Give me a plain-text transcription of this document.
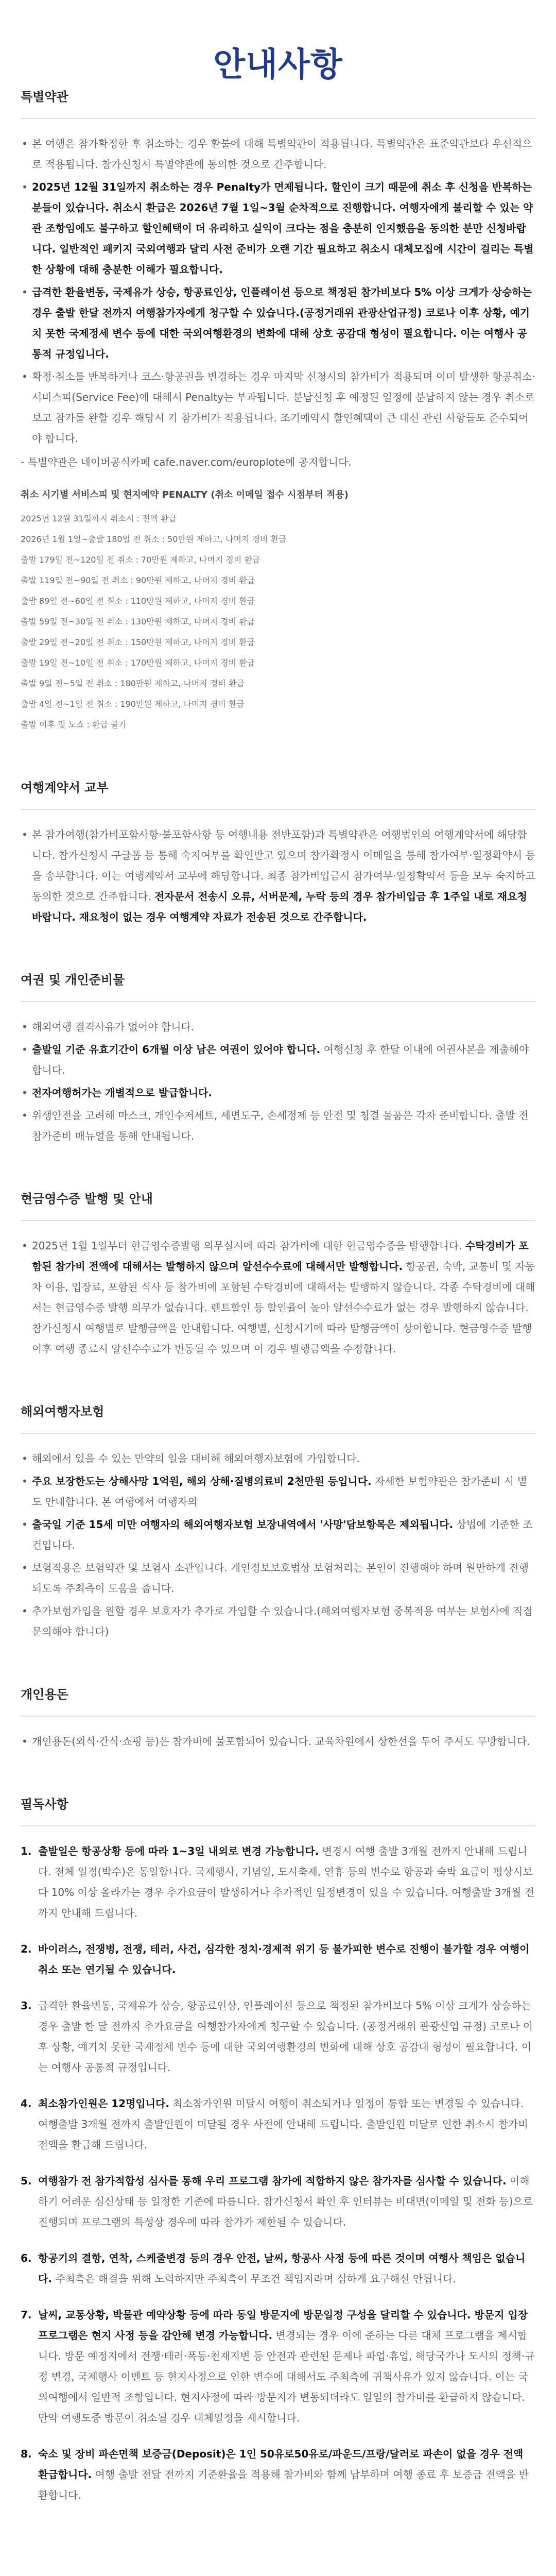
안내사항
특별약관
• 본 여행은 참가확정한 후 취소하는 경우 환불에 대해 특별약관이 적용됩니다. 특별약관은 표준약관보다 우선적으로 적용됩니다. 참가신청시 특별약관에 동의한 것으로 간주합니다.
• 2025년 12월 31일까지 취소하는 경우 Penalty가 면제됩니다. 할인이 크기 때문에 취소 후 신청을 반복하는 분들이 있습니다. 취소시 환급은 2026년 7월 1일~3월 순차적으로 진행합니다. 여행자에게 불리할 수 있는 약관 조항임에도 불구하고 할인혜택이 더 유리하고 실익이 크다는 점을 충분히 인지했음을 동의한 분만 신청바랍니다. 일반적인 패키지 국외여행과 달리 사전 준비가 오랜 기간 필요하고 취소시 대체모집에 시간이 걸리는 특별한 상황에 대해 충분한 이해가 필요합니다.
• 급격한 환율변동, 국제유가 상승, 항공료인상, 인플레이션 등으로 책정된 참가비보다 5% 이상 크게가 상승하는 경우 출발 한달 전까지 여행참가자에게 청구할 수 있습니다.(공정거래위 관광산업규정) 코로나 이후 상황, 예기치 못한 국제정세 변수 등에 대한 국외여행환경의 변화에 대해 상호 공감대 형성이 필요합니다. 이는 여행사 공통적 규정입니다.
• 확정·취소를 반복하거나 코스·항공권을 변경하는 경우 마지막 신청시의 참가비가 적용되며 이미 발생한 항공취소·서비스피(Service Fee)에 대해서 Penalty는 부과됩니다. 분납신청 후 예정된 일정에 분납하지 않는 경우 취소로 보고 참가를 완할 경우 해당시 기 참가비가 적용됩니다. 조기예약시 할인혜택이 큰 대신 관련 사항들도 준수되어야 합니다.

- 특별약관은 네이버공식카페 cafe.naver.com/europlote에 공지합니다.

취소 시기별 서비스피 및 현지예약 PENALTY (취소 이메일 접수 시점부터 적용)
2025년 12월 31일까지 취소시 : 전액 환급
2026년 1월 1일~출발 180일 전 취소 : 50만원 제하고, 나머지 경비 환급
출발 179일 전~120일 전 취소 : 70만원 제하고, 나머지 경비 환급
출발 119일 전~90일 전 취소 : 90만원 제하고, 나머지 경비 환급
출발 89일 전~60일 전 취소 : 110만원 제하고, 나머지 경비 환급
출발 59일 전~30일 전 취소 : 130만원 제하고, 나머지 경비 환급
출발 29일 전~20일 전 취소 : 150만원 제하고, 나머지 경비 환급
출발 19일 전~10일 전 취소 : 170만원 제하고, 나머지 경비 환급
출발 9일 전~5일 전 취소 : 180만원 제하고, 나머지 경비 환급
출발 4일 전~1일 전 취소 : 190만원 제하고, 나머지 경비 환급
출발 이후 및 노쇼 : 환급 불가
여행계약서 교부
• 본 참가여행(참가비포함사항·불포함사항 등 여행내용 전반포함)과 특별약관은 여행법인의 여행계약서에 해당합니다. 참가신청시 구글폼 등 통해 숙지여부를 확인받고 있으며 참가확정시 이메일을 통해 참가여부·일정확약서 등을 송부합니다. 이는 여행계약서 교부에 해당합니다. 최종 참가비입금시 참가여부·일정확약서 등을 모두 숙지하고 동의한 것으로 간주합니다. 전자문서 전송시 오류, 서버문제, 누락 등의 경우 참가비입금 후 1주일 내로 재요청 바랍니다. 재요청이 없는 경우 여행계약 자료가 전송된 것으로 간주합니다.
여권 및 개인준비물
• 해외여행 결격사유가 없어야 합니다.
• 출발일 기준 유효기간이 6개월 이상 남은 여권이 있어야 합니다. 여행신청 후 한달 이내에 여권사본을 제출해야 합니다.
• 전자여행허가는 개별적으로 발급합니다.
• 위생안전을 고려해 마스크, 개인수저세트, 세면도구, 손세정제 등 안전 및 청결 물품은 각자 준비합니다. 출발 전 참가준비 매뉴얼을 통해 안내됩니다.
현금영수증 발행 및 안내
• 2025년 1월 1일부터 현금영수증발행 의무실시에 따라 참가비에 대한 현금영수증을 발행합니다. 수탁경비가 포함된 참가비 전액에 대해서는 발행하지 않으며 알선수수료에 대해서만 발행합니다. 항공권, 숙박, 교통비 및 자동차 이용, 입장료, 포함된 식사 등 참가비에 포함된 수탁경비에 대해서는 발행하지 않습니다. 각종 수탁경비에 대해서는 현금영수증 발행 의무가 없습니다. 렌트할인 등 할인율이 높아 알선수수료가 없는 경우 발행하지 않습니다. 참가신청시 여행별로 발행금액을 안내합니다. 여행별, 신청시기에 따라 발행금액이 상이합니다. 현금영수증 발행 이후 여행 종료시 알선수수료가 변동될 수 있으며 이 경우 발행금액을 수정합니다.
해외여행자보험
• 해외에서 있을 수 있는 만약의 일을 대비해 해외여행자보험에 가입합니다.
• 주요 보장한도는 상해사망 1억원, 해외 상해·질병의료비 2천만원 등입니다. 자세한 보험약관은 참가준비 시 별도 안내합니다. 본 여행에서 여행자의
• 출국일 기준 15세 미만 여행자의 해외여행자보험 보장내역에서 '사망'담보항목은 제외됩니다. 상법에 기준한 조건입니다.
• 보험적용은 보험약관 및 보험사 소관입니다. 개인정보보호법상 보험처리는 본인이 진행해야 하며 원만하게 진행되도록 주최측이 도움을 줍니다.
• 추가보험가입을 원할 경우 보호자가 추가로 가입할 수 있습니다.(해외여행자보험 중복적용 여부는 보험사에 직접 문의해야 합니다)
개인용돈
• 개인용돈(외식·간식·쇼핑 등)은 참가비에 불포함되어 있습니다. 교육차원에서 상한선을 두어 주셔도 무방합니다.
필독사항
1. 출발일은 항공상황 등에 따라 1~3일 내외로 변경 가능합니다. 변경시 여행 출발 3개월 전까지 안내해 드립니다. 전체 일정(박수)은 동일합니다. 국제행사, 기념일, 도시축제, 연휴 등의 변수로 항공과 숙박 요금이 평상시보다 10% 이상 올라가는 경우 추가요금이 발생하거나 추가적인 일정변경이 있을 수 있습니다. 여행출발 3개월 전까지 안내해 드립니다.
2. 바이러스, 전쟁병, 전쟁, 테러, 사건, 심각한 정치·경제적 위기 등 불가피한 변수로 진행이 불가할 경우 여행이 취소 또는 연기될 수 있습니다.
3. 급격한 환율변동, 국제유가 상승, 항공료인상, 인플레이션 등으로 책정된 참가비보다 5% 이상 크게가 상승하는 경우 출발 한 달 전까지 추가요금을 여행참가자에게 청구할 수 있습니다. (공정거래위 관광산업 규정) 코로나 이후 상황, 예기치 못한 국제정세 변수 등에 대한 국외여행환경의 변화에 대해 상호 공감대 형성이 필요합니다. 이는 여행사 공통적 규정입니다.
4. 최소참가인원은 12명입니다. 최소참가인원 미달시 여행이 취소되거나 일정이 통합 또는 변경될 수 있습니다. 여행출발 3개월 전까지 출발인원이 미달될 경우 사전에 안내해 드립니다. 출발인원 미달로 인한 취소시 참가비 전액을 환급해 드립니다.
5. 여행참가 전 참가적합성 심사를 통해 우리 프로그램 참가에 적합하지 않은 참가자를 심사할 수 있습니다. 이해하기 어려운 심신상태 등 일정한 기준에 따릅니다. 참가신청서 확인 후 인터뷰는 비대면(이메일 및 전화 등)으로 진행되며 프로그램의 특성상 경우에 따라 참가가 제한될 수 있습니다.
6. 항공기의 결항, 연착, 스케줄변경 등의 경우 안전, 날씨, 항공사 사정 등에 따른 것이며 여행사 책임은 없습니다. 주최측은 해결을 위해 노력하지만 주최측이 무조건 책임지라며 심하게 요구해선 안됩니다.
7. 날씨, 교통상황, 박물관 예약상황 등에 따라 동일 방문지에 방문일정 구성을 달리할 수 있습니다. 방문지 입장 프로그램은 현지 사정 등을 감안해 변경 가능합니다. 변경되는 경우 이에 준하는 다른 대체 프로그램을 제시합니다. 방문 예정지에서 전쟁·테러·폭동·천재지변 등 안전과 관련된 문제나 파업·휴업, 해당국가나 도시의 정책·규정 변경, 국제행사 이벤트 등 현지사정으로 인한 변수에 대해서도 주최측에 귀책사유가 있지 않습니다. 이는 국외여행에서 일반적 조항입니다. 현지사정에 따라 방문지가 변동되더라도 일일의 참가비를 환급하지 않습니다. 만약 여행도중 방문이 취소될 경우 대체일정을 제시합니다.
8. 숙소 및 장비 파손면책 보증금(Deposit)은 1인 50유로50유로/파운드/프랑/달러로 파손이 없을 경우 전액 환급합니다. 여행 출발 전달 전까지 기준환율을 적용해 참가비와 함께 납부하며 여행 종료 후 보증금 전액을 반환합니다.
